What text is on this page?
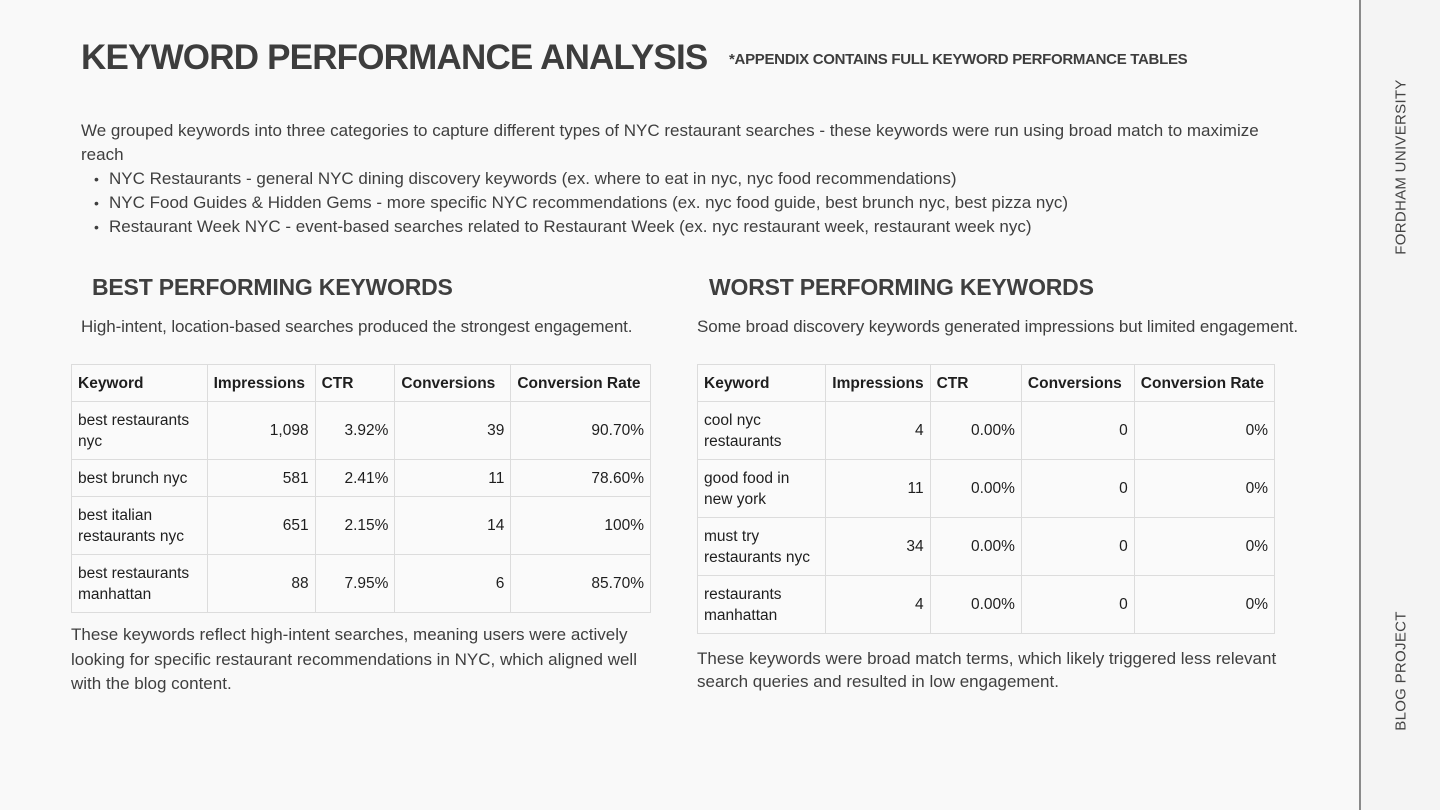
KEYWORD PERFORMANCE ANALYSIS *APPENDIX CONTAINS FULL KEYWORD PERFORMANCE TABLES

We grouped keywords into three categories to capture different types of NYC restaurant searches - these keywords were run using broad match to maximize reach

• NYC Restaurants - general NYC dining discovery keywords (ex. where to eat in nyc, nyc food recommendations)
• NYC Food Guides & Hidden Gems - more specific NYC recommendations (ex. nyc food guide, best brunch nyc, best pizza nyc)
• Restaurant Week NYC - event-based searches related to Restaurant Week (ex. nyc restaurant week, restaurant week nyc)
BEST PERFORMING KEYWORDS

High-intent, location-based searches produced the strongest engagement.

Keyword	Impressions	CTR	Conversions	Conversion Rate
best restaurants nyc	1,098	3.92%	39	90.70%
best brunch nyc	581	2.41%	11	78.60%
best italian restaurants nyc	651	2.15%	14	100%
best restaurants manhattan	88	7.95%	6	85.70%

These keywords reflect high-intent searches, meaning users were actively looking for specific restaurant recommendations in NYC, which aligned well with the blog content.

WORST PERFORMING KEYWORDS

Some broad discovery keywords generated impressions but limited engagement.

Keyword	Impressions	CTR	Conversions	Conversion Rate
cool nyc restaurants	4	0.00%	0	0%
good food in new york	11	0.00%	0	0%
must try restaurants nyc	34	0.00%	0	0%
restaurants manhattan	4	0.00%	0	0%

These keywords were broad match terms, which likely triggered less relevant search queries and resulted in low engagement.

FORDHAM UNIVERSITY
BLOG PROJECT
